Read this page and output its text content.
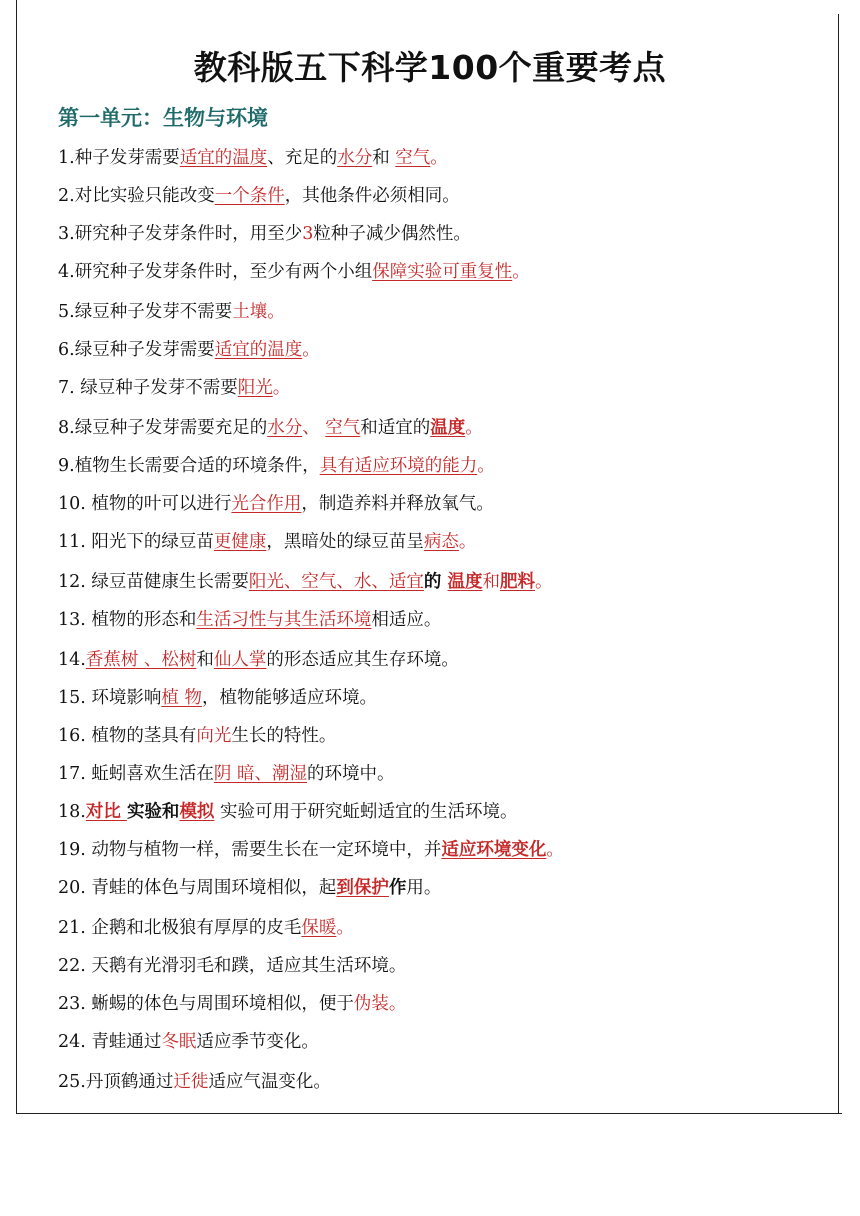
教科版五下科学100个重要考点
第一单元：生物与环境
1.种子发芽需要适宜的温度、充足的水分和 空气。
2.对比实验只能改变一个条件，其他条件必须相同。
3.研究种子发芽条件时，用至少3粒种子减少偶然性。
4.研究种子发芽条件时，至少有两个小组保障实验可重复性。
5.绿豆种子发芽不需要土壤。
6.绿豆种子发芽需要适宜的温度。
7. 绿豆种子发芽不需要阳光。
8.绿豆种子发芽需要充足的水分、 空气和适宜的温度。
9.植物生长需要合适的环境条件，具有适应环境的能力。
10. 植物的叶可以进行光合作用，制造养料并释放氧气。
11. 阳光下的绿豆苗更健康，黑暗处的绿豆苗呈病态。
12. 绿豆苗健康生长需要阳光、空气、水、适宜的 温度和肥料。
13. 植物的形态和生活习性与其生活环境相适应。
14.香蕉树 、松树和仙人掌的形态适应其生存环境。
15. 环境影响植 物，植物能够适应环境。
16. 植物的茎具有向光生长的特性。
17. 蚯蚓喜欢生活在阴 暗、潮湿的环境中。
18.对比 实验和模拟 实验可用于研究蚯蚓适宜的生活环境。
19. 动物与植物一样，需要生长在一定环境中，并适应环境变化。
20. 青蛙的体色与周围环境相似，起到保护作用。
21. 企鹅和北极狼有厚厚的皮毛保暖。
22. 天鹅有光滑羽毛和蹼，适应其生活环境。
23. 蜥蜴的体色与周围环境相似，便于伪装。
24. 青蛙通过冬眠适应季节变化。
25.丹顶鹤通过迁徙适应气温变化。
